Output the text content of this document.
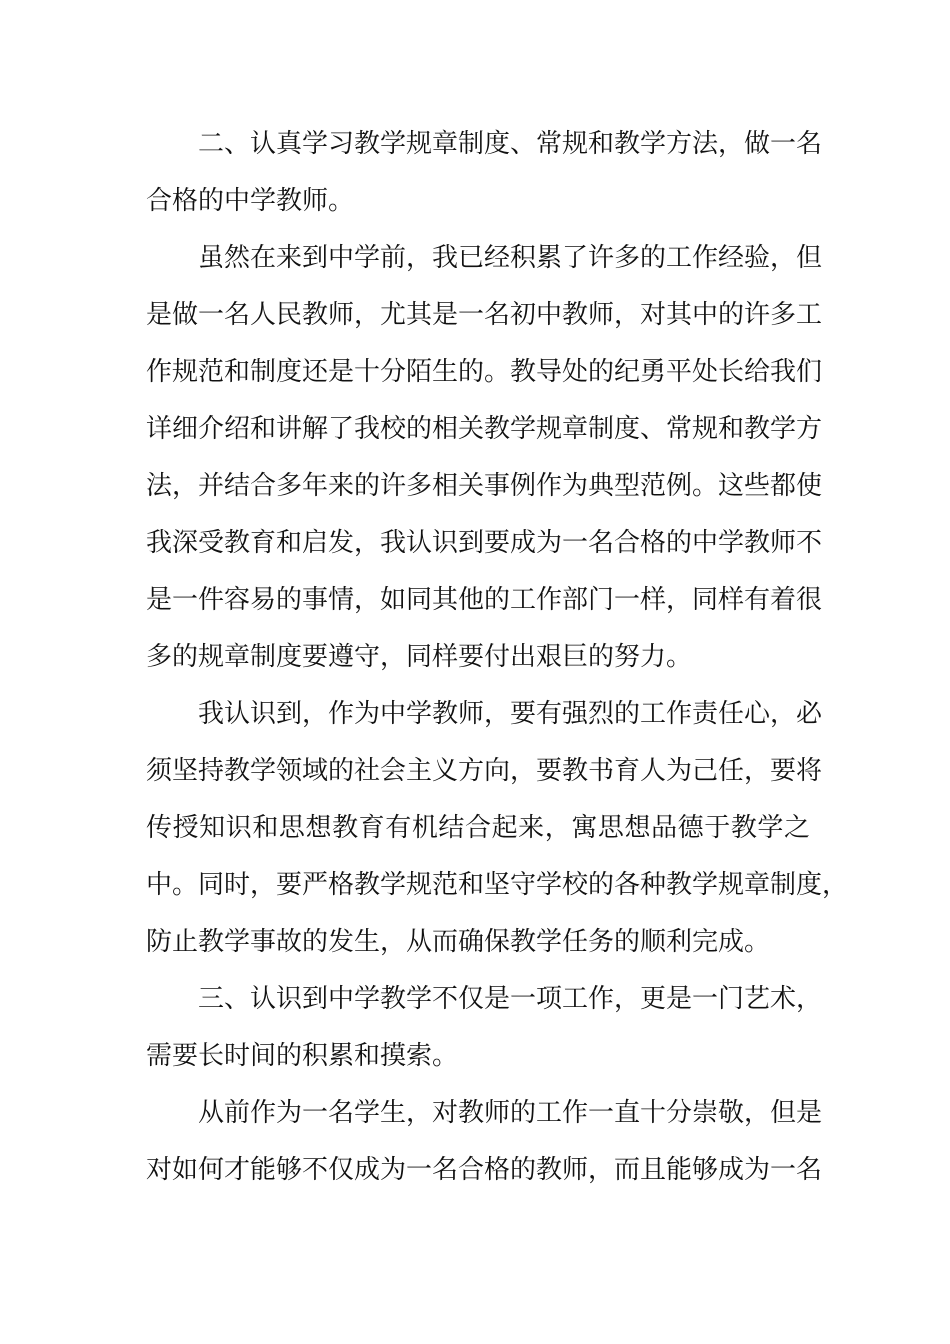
二、认真学习教学规章制度、常规和教学方法，做一名
合格的中学教师。
虽然在来到中学前，我已经积累了许多的工作经验，但
是做一名人民教师，尤其是一名初中教师，对其中的许多工
作规范和制度还是十分陌生的。教导处的纪勇平处长给我们
详细介绍和讲解了我校的相关教学规章制度、常规和教学方
法，并结合多年来的许多相关事例作为典型范例。这些都使
我深受教育和启发，我认识到要成为一名合格的中学教师不
是一件容易的事情，如同其他的工作部门一样，同样有着很
多的规章制度要遵守，同样要付出艰巨的努力。
我认识到，作为中学教师，要有强烈的工作责任心，必
须坚持教学领域的社会主义方向，要教书育人为己任，要将
传授知识和思想教育有机结合起来，寓思想品德于教学之
中。同时，要严格教学规范和坚守学校的各种教学规章制度，
防止教学事故的发生，从而确保教学任务的顺利完成。
三、认识到中学教学不仅是一项工作，更是一门艺术，
需要长时间的积累和摸索。
从前作为一名学生，对教师的工作一直十分崇敬，但是
对如何才能够不仅成为一名合格的教师，而且能够成为一名
